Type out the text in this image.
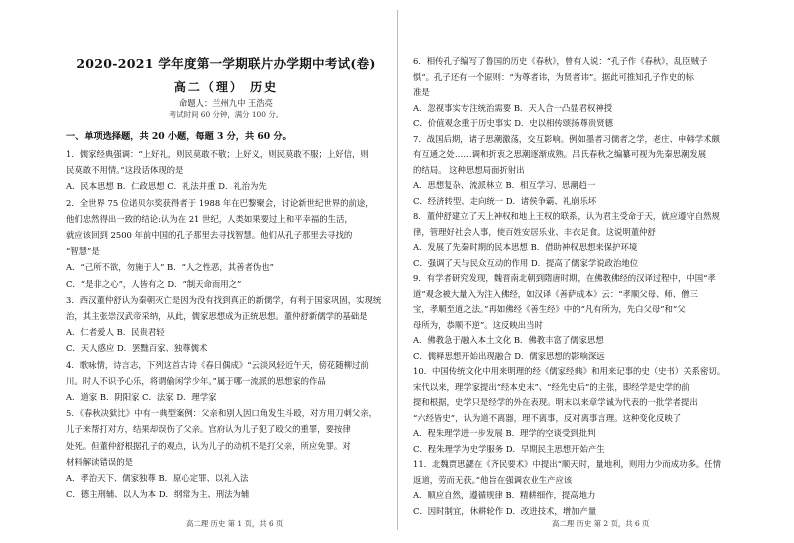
2020-2021 学年度第一学期联片办学期中考试(卷)
高二（理） 历史
命题人：兰州九中 王浩亮
考试时间 60 分钟，满分 100 分。
一、单项选择题，共 20 小题，每题 3 分，共 60 分。
1．儒家经典强调：“上好礼，则民莫敢不敬；上好义，则民莫敢不服；上好信，则
民莫敢不用情。”这段话体现的是
A．民本思想 B．仁政思想 C．礼法并重 D．礼治为先
2．全世界 75 位诺贝尔奖获得者于 1988 年在巴黎聚会，讨论新世纪世界的前途，
他们忠然得出一致的结论:认为在 21 世纪，人类如果要过上和平幸福的生活，
就应该回到 2500 年前中国的孔子那里去寻找智慧。他们从孔子那里去寻找的
“智慧”是
A．“己所不欲，勿施于人” B．“人之性恶，其善者伪也”
C．“是非之心”，人皆有之 D．“制天命而用之”
3．西汉董仲舒认为秦朝灭亡是因为没有找到真正的新儒学，有利于国家巩固，实现统
治，其主张崇汉武帝采纳，从此，儒家思想成为正统思想。董仲舒新儒学的基础是
A．仁者爱人 B．民贵君轻
C．天人感应 D．罢黜百家、独尊儒术
4．歌咏情，诗言志，下列这首古诗《春日偶成》“云淡风轻近午天，傍花随柳过前
川。时人不识予心乐，将谓偷闲学少年。”属于哪一流派的思想家的作品
A．道家 B．阴阳家 C．法家 D．理学家
5．《春秋决狱比》中有一典型案例：父亲和别人因口角发生斗殴，对方用刀刺父亲，
儿子来帮打对方，结果却误伤了父亲。官府认为儿子犯了殴父的重罪，要按律
处死。但董仲舒根据孔子的观点，认为儿子的动机不是打父亲，所应免罪。对
材料解读错误的是
A．孝治天下、儒家独尊 B．原心定罪、以礼入法
C．德主刑辅、以人为本 D．纲常为主、刑法为辅
6．相传孔子编写了鲁国的历史《春秋》，曾有人说：“孔子作《春秋》，乱臣贼子
惧”。孔子还有一个原则：“为尊者讳，为贤者讳”。据此可推知孔子作史的标
准是
A．忽视事实专注统治需要 B．天人合一凸显君权神授
C．价值观念重于历史事实 D．史以相传颂扬尊贵贤德
7．战国后期，诸子思潮激荡，交互影响。例如墨者习儒者之学，老庄、申韩学术颇
有互通之处……调和折衷之思潮逐渐成熟。吕氏春秋之编纂可视为先秦思潮发展
的结局。 这种思想局面折射出
A．思想复杂、流派林立 B．相互学习、思潮趋一
C．经济转型、走向统一 D．诸侯争霸、礼崩乐坏
8．董仲舒建立了天上神权和地上王权的联系，认为君主受命于天，就应遵守自然规
律，管理好社会人事，使百姓安居乐业、丰衣足食。这说明董仲舒
A．发展了先秦时期的民本思想 B．借助神权思想来保护环境
C．强调了天与民众互动的作用 D．提高了儒家学说政治地位
9．有学者研究发现，魏晋南北朝到隋唐时期，在佛教佛经的汉译过程中，中国“孝
道”观念被大量入为注入佛经，如汉译《善萨成本》云：“孝顺父母、师、僧三
宝，孝顺至道之法。”再如佛经《善生经》中的“凡有所为，先白父母”和“父
母所为，恭顺不逆”。这反映出当时
A．佛教急于融入本土文化 B．佛教丰富了儒家思想
C．儒释思想开始出现融合 D．儒家思想的影响深远
10．中国传统文化中用来明理的经《儒家经典》和用来记事的史（史书）关系密切。
宋代以来，理学家提出“经本史末”、“经先史后”的主张，即经学是史学的前
提和根据，史学只是经学的外在表现。明末以来章学诚为代表的一批学者提出
“六经皆史”，认为道不离器，理不离事，反对离事言理。这种变化反映了
A．程朱理学进一步发展 B．理学的空谈受到批判
C．程朱理学为史学服务 D．早期民主思想开始产生
11．北魏贾思勰在《齐民要术》中提出“顺天时，量地利，则用力少而成功多。任情
返道，劳而无获。”他旨在强调农业生产应该
A．顺应自然，遵循规律 B．精耕细作，提高地力
C．因时制宜，休耕轮作 D．改进技术，增加产量
高二理 历史 第 1 页，共 6 页	高二理 历史 第 2 页，共 6 页
